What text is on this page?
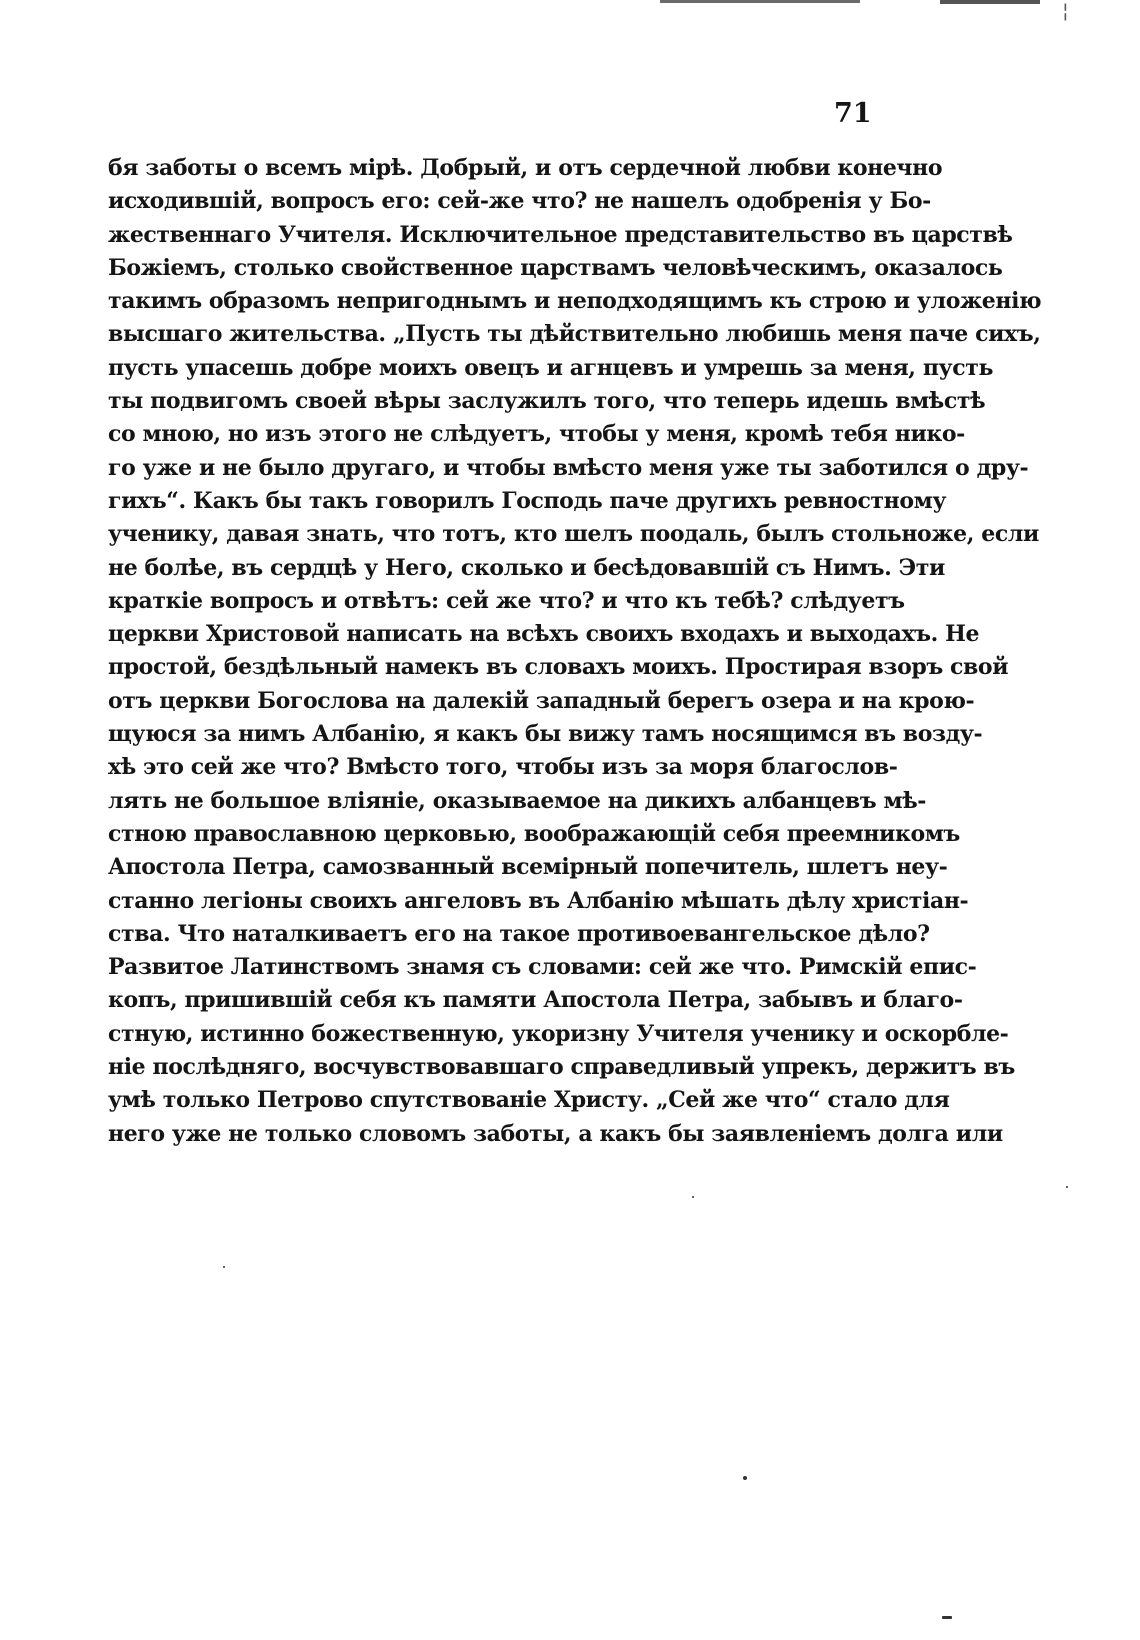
¦
71
бя заботы о всемъ мірѣ. Добрый, и отъ сердечной любви конечно
исходившій, вопросъ его: сей-же что? не нашелъ одобренія у Бо-
жественнаго Учителя. Исключительное представительство въ царствѣ
Божіемъ, столько свойственное царствамъ человѣческимъ, оказалось
такимъ образомъ непригоднымъ и неподходящимъ къ строю и уложенію
высшаго жительства. „Пусть ты дѣйствительно любишь меня паче сихъ,
пусть упасешь добре моихъ овецъ и агнцевъ и умрешь за меня, пусть
ты подвигомъ своей вѣры заслужилъ того, что теперь идешь вмѣстѣ
со мною, но изъ этого не слѣдуетъ, чтобы у меня, кромѣ тебя нико-
го уже и не было другаго, и чтобы вмѣсто меня уже ты заботился о дру-
гихъ“. Какъ бы такъ говорилъ Господь паче другихъ ревностному
ученику, давая знать, что тотъ, кто шелъ поодаль, былъ стольноже, если
не болѣе, въ сердцѣ у Него, сколько и бесѣдовавшій съ Нимъ. Эти
краткіе вопросъ и отвѣтъ: сей же что? и что къ тебѣ? слѣдуетъ
церкви Христовой написать на всѣхъ своихъ входахъ и выходахъ. Не
простой, бездѣльный намекъ въ словахъ моихъ. Простирая взоръ свой
отъ церкви Богослова на далекій западный берегъ озера и на крою-
щуюся за нимъ Албанію, я какъ бы вижу тамъ носящимся въ возду-
хѣ это сей же что? Вмѣсто того, чтобы изъ за моря благослов-
лять не большое вліяніе, оказываемое на дикихъ албанцевъ мѣ-
стною православною церковью, воображающій себя преемникомъ
Апостола Петра, самозванный всемірный попечитель, шлетъ неу-
станно легіоны своихъ ангеловъ въ Албанію мѣшать дѣлу христіан-
ства. Что наталкиваетъ его на такое противоевангельское дѣло?
Развитое Латинствомъ знамя съ словами: сей же что. Римскій епис-
копъ, пришившій себя къ памяти Апостола Петра, забывъ и благо-
стную, истинно божественную, укоризну Учителя ученику и оскорбле-
ніе послѣдняго, восчувствовавшаго справедливый упрекъ, держитъ въ
умѣ только Петрово спутствованіе Христу. „Сей же что“ стало для
него уже не только словомъ заботы, а какъ бы заявленіемъ долга или
